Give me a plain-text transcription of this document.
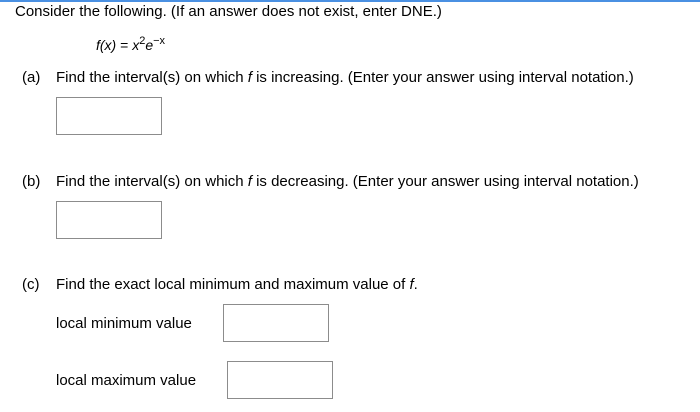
Consider the following. (If an answer does not exist, enter DNE.)
$f(x) = x^2e^{-x}$
(a) Find the interval(s) on which f is increasing. (Enter your answer using interval notation.)
(b) Find the interval(s) on which f is decreasing. (Enter your answer using interval notation.)
(c) Find the exact local minimum and maximum value of f.
local minimum value
local maximum value
